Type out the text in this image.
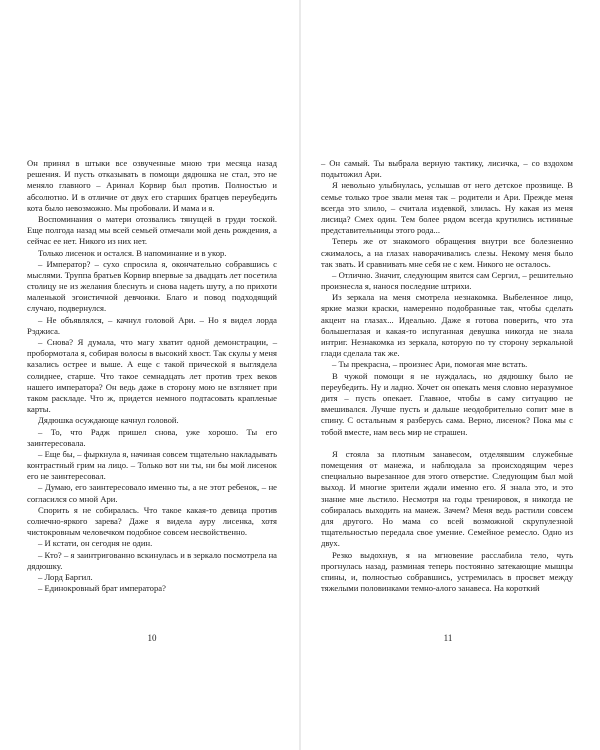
Он принял в штыки все озвученные мною три месяца назад решения. И пусть отказывать в помощи дядюшка не стал, это не меняло главного – Аринал Корвир был против. Полностью и абсолютно. И в отличие от двух его старших братцев переубедить кота было невозможно. Мы пробовали. И мама и я.

Воспоминания о матери отозвались тянущей в груди тоской. Еще полгода назад мы всей семьей отмечали мой день рождения, а сейчас ее нет. Никого из них нет.

Только лисенок и остался. В напоминание и в укор.

– Император? – сухо спросила я, окончательно собравшись с мыслями. Труппа братьев Корвир впервые за двадцать лет посетила столицу не из желания блеснуть и снова надеть шуту, а по прихоти маленькой эгоистичной девчонки. Благо и повод подходящий случаю, подвернулся.

– Не объявлялся, – качнул головой Ари. – Но я видел лорда Рэджиса.

– Снова? Я думала, что магу хватит одной демонстрации, – пробормотала я, собирая волосы в высокий хвост. Так скулы у меня казались острее и выше. А еще с такой прической я выглядела солиднее, старше. Что такое семнадцать лет против трех веков нашего императора? Он ведь даже в сторону мою не взглянет при таком раскладе. Что ж, придется немного подтасовать крапленые карты.

Дядюшка осуждающе качнул головой.

– То, что Радж пришел снова, уже хорошо. Ты его заинтересовала.

– Еще бы, – фыркнула я, начиная совсем тщательно накладывать контрастный грим на лицо. – Только вот ни ты, ни бы мой лисенок его не заинтересовал.

– Думаю, его заинтересовало именно ты, а не этот ребенок, – не согласился со мной Ари.

Спорить я не собиралась. Что такое какая-то девица против солнечно-яркого зарева? Даже я видела ауру лисенка, хотя чистокровным человечком подобное совсем несвойственно.

– И кстати, он сегодня не один.

– Кто? – я заинтригованно вскинулась и в зеркало посмотрела на дядюшку.

– Лорд Баргил.

– Единокровный брат императора?

10

– Он самый. Ты выбрала верную тактику, лисичка, – со вздохом подытожил Ари.

Я невольно улыбнулась, услышав от него детское прозвище. В семье только трое звали меня так – родители и Ари. Прежде меня всегда это злило, – считала издевкой, злилась. Ну какая из меня лисица? Смех один. Тем более рядом всегда крутились истинные представительницы этого рода...

Теперь же от знакомого обращения внутри все болезненно сжималось, а на глазах наворачивались слезы. Некому меня было так звать. И сравнивать мне себя не с кем. Никого не осталось.

– Отлично. Значит, следующим явится сам Сергил, – решительно произнесла я, нанося последние штрихи.

Из зеркала на меня смотрела незнакомка. Выбеленное лицо, яркие мазки краски, намеренно подобранные так, чтобы сделать акцент на глазах... Идеально. Даже я готова поверить, что эта большеглазая и какая-то испуганная девушка никогда не знала интриг. Незнакомка из зеркала, которую по ту сторону зеркальной глади сделала так же.

– Ты прекрасна, – произнес Ари, помогая мне встать.

В чужой помощи я не нуждалась, но дядюшку было не переубедить. Ну и ладно. Хочет он опекать меня словно неразумное дитя – пусть опекает. Главное, чтобы в саму ситуацию не вмешивался. Лучше пусть и дальше неодобрительно сопит мне в спину. С остальным я разберусь сама. Верно, лисенок? Пока мы с тобой вместе, нам весь мир не страшен.

Я стояла за плотным занавесом, отделявшим служебные помещения от манежа, и наблюдала за происходящим через специально вырезанное для этого отверстие. Следующим был мой выход. И многие зрители ждали именно его. Я знала это, и это знание мне льстило. Несмотря на годы тренировок, я никогда не собиралась выходить на манеж. Зачем? Меня ведь растили совсем для другого. Но мама со всей возможной скрупулезной тщательностью передала свое умение. Семейное ремесло. Одно из двух.

Резко выдохнув, я на мгновение расслабила тело, чуть прогнулась назад, разминая теперь постоянно затекающие мышцы спины, и, полностью собравшись, устремилась в просвет между тяжелыми половинками темно-алого занавеса. На короткий

11
